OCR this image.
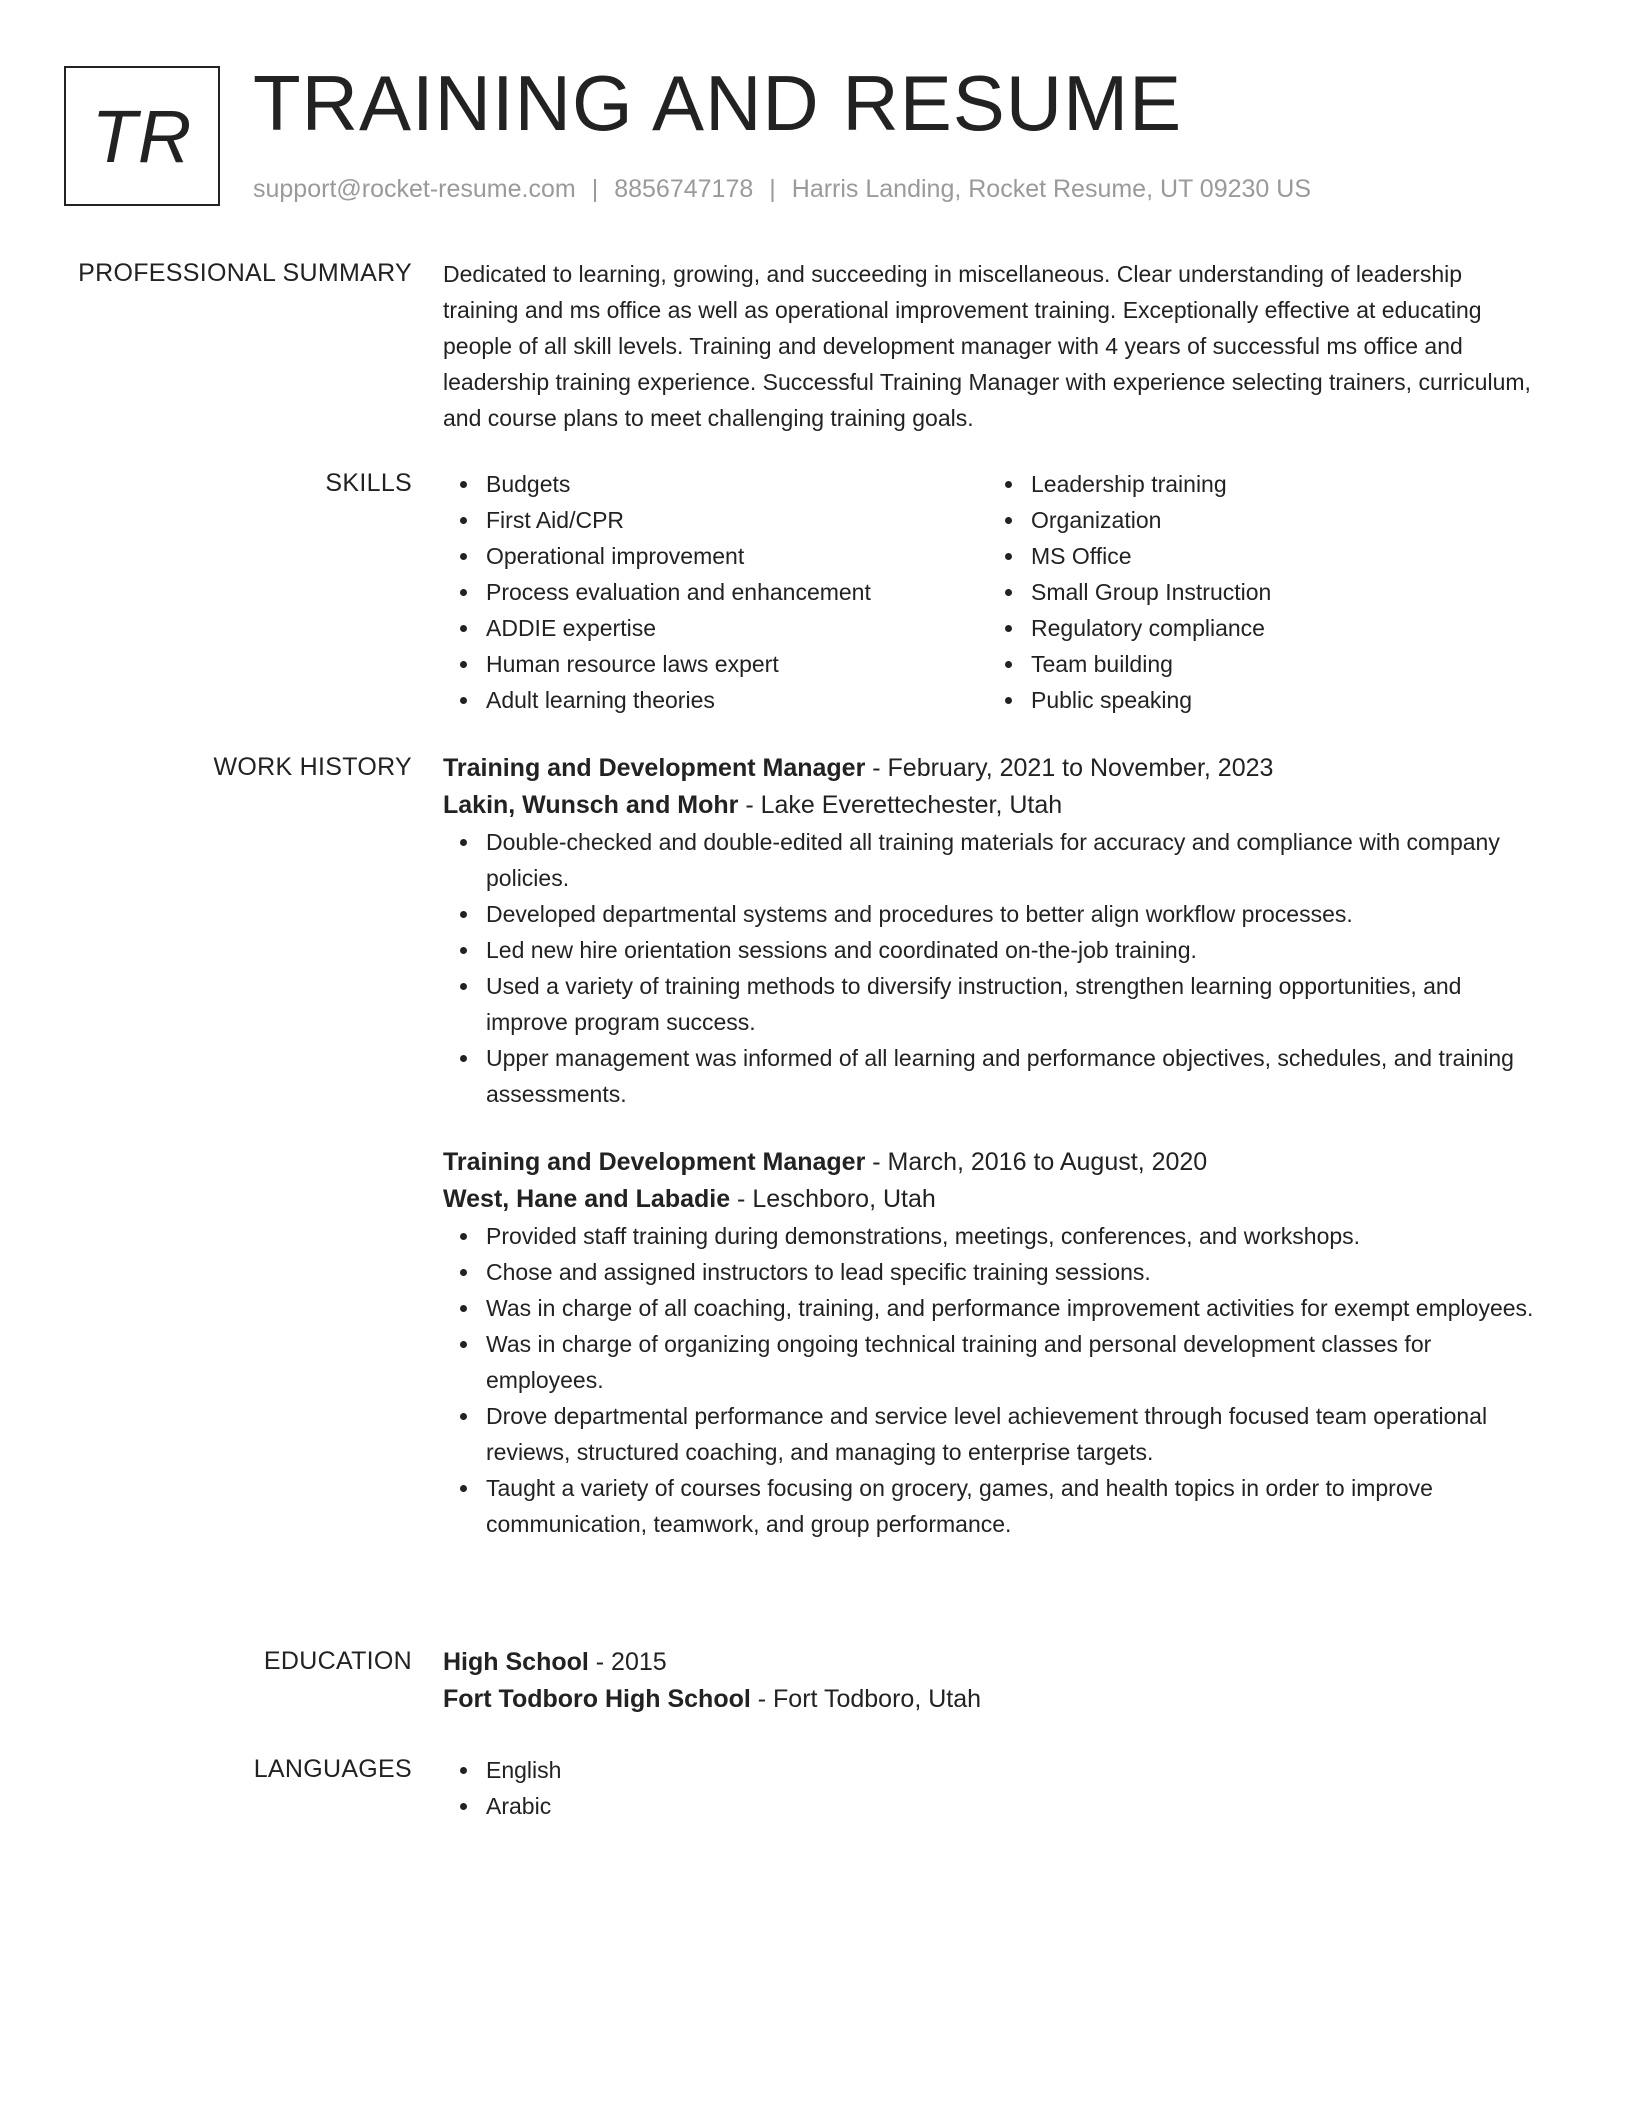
TR TRAINING AND RESUME
support@rocket-resume.com | 8856747178 | Harris Landing, Rocket Resume, UT 09230 US
PROFESSIONAL SUMMARY Dedicated to learning, growing, and succeeding in miscellaneous. Clear understanding of leadership training and ms office as well as operational improvement training. Exceptionally effective at educating people of all skill levels. Training and development manager with 4 years of successful ms office and leadership training experience. Successful Training Manager with experience selecting trainers, curriculum, and course plans to meet challenging training goals.

SKILLS	Budgets
First Aid/CPR
Operational improvement
Process evaluation and enhancement
ADDIE expertise
Human resource laws expert
Adult learning theories
Leadership training
Organization
MS Office
Small Group Instruction
Regulatory compliance
Team building
Public speaking
WORK HISTORY Training and Development Manager - February, 2021 to November, 2023
Lakin, Wunsch and Mohr - Lake Everettechester, Utah
Double-checked and double-edited all training materials for accuracy and compliance with company policies.
Developed departmental systems and procedures to better align workflow processes.
Led new hire orientation sessions and coordinated on-the-job training.
Used a variety of training methods to diversify instruction, strengthen learning opportunities, and improve program success.
Upper management was informed of all learning and performance objectives, schedules, and training assessments.
Training and Development Manager - March, 2016 to August, 2020
West, Hane and Labadie - Leschboro, Utah
Provided staff training during demonstrations, meetings, conferences, and workshops.
Chose and assigned instructors to lead specific training sessions.
Was in charge of all coaching, training, and performance improvement activities for exempt employees.
Was in charge of organizing ongoing technical training and personal development classes for employees.
Drove departmental performance and service level achievement through focused team operational reviews, structured coaching, and managing to enterprise targets.
Taught a variety of courses focusing on grocery, games, and health topics in order to improve communication, teamwork, and group performance.
EDUCATION High School - 2015
Fort Todboro High School - Fort Todboro, Utah
LANGUAGES	English
Arabic
